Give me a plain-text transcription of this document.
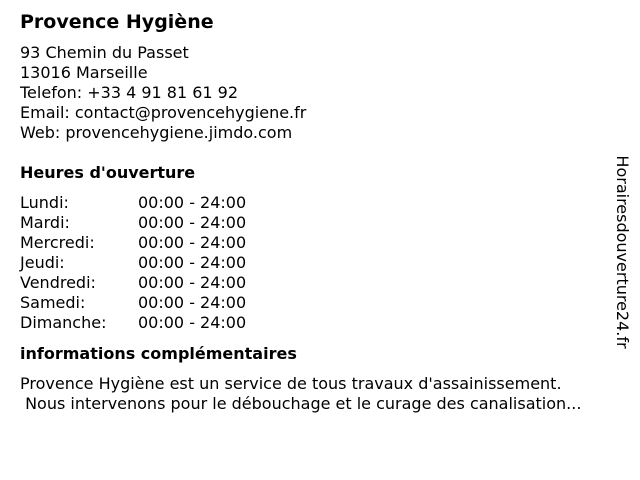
Provence Hygiène
93 Chemin du Passet
13016 Marseille
Telefon: +33 4 91 81 61 92
Email: contact@provencehygiene.fr
Web: provencehygiene.jimdo.com
Heures d'ouverture
Lundi:	00:00 - 24:00
Mardi:	00:00 - 24:00
Mercredi:	00:00 - 24:00
Jeudi:	00:00 - 24:00
Vendredi:	00:00 - 24:00
Samedi:	00:00 - 24:00
Dimanche:	00:00 - 24:00
informations complémentaires
Provence Hygiène est un service de tous travaux d'assainissement.
Nous intervenons pour le débouchage et le curage des canalisation...
Horairesdouverture24.fr
